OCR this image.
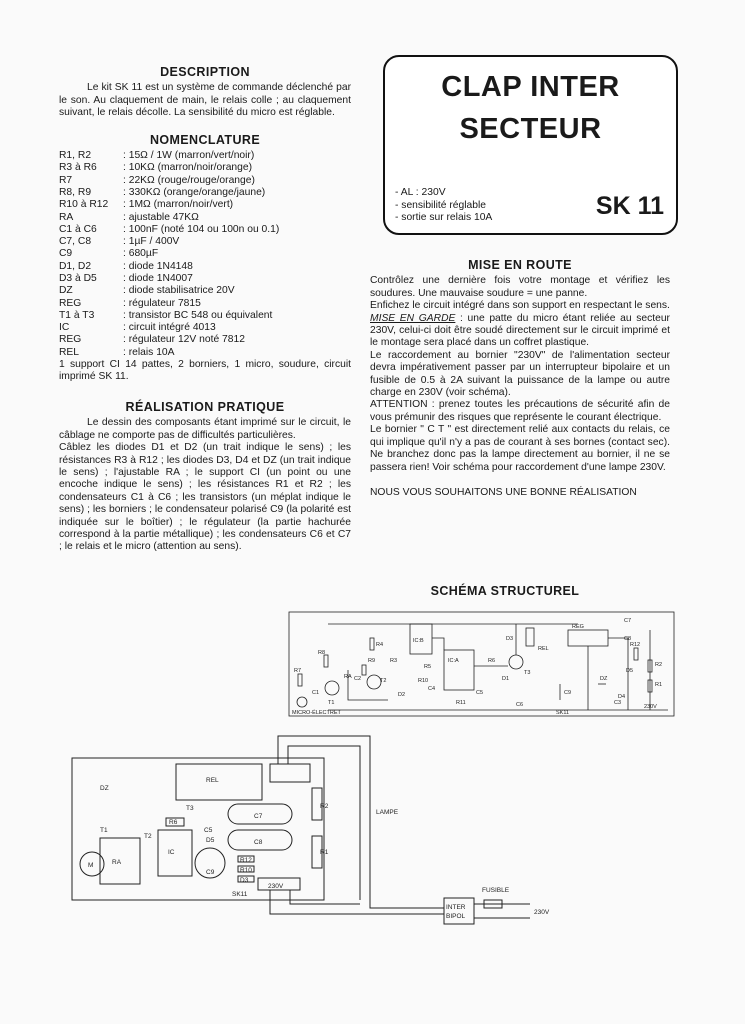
DESCRIPTION
Le kit SK 11 est un système de commande déclenché par le son. Au claquement de main, le relais colle ; au claquement suivant, le relais décolle. La sensibilité du micro est réglable.
NOMENCLATURE
R1, R2	: 15Ω / 1W (marron/vert/noir)
R3 à R6	: 10KΩ (marron/noir/orange)
R7	: 22KΩ (rouge/rouge/orange)
R8, R9	: 330KΩ (orange/orange/jaune)
R10 à R12	: 1MΩ (marron/noir/vert)
RA	: ajustable 47KΩ
C1 à C6	: 100nF (noté 104 ou 100n ou 0.1)
C7, C8	: 1µF / 400V
C9	: 680µF
D1, D2	: diode 1N4148
D3 à D5	: diode 1N4007
DZ	: diode stabilisatrice 20V
REG	: régulateur 7815
T1 à T3	: transistor BC 548 ou équivalent
IC	: circuit intégré 4013
REG	: régulateur 12V noté 7812
REL	: relais 10A
1 support CI 14 pattes, 2 borniers, 1 micro, soudure, circuit imprimé SK 11.
RÉALISATION PRATIQUE
Le dessin des composants étant imprimé sur le circuit, le câblage ne comporte pas de difficultés particulières.
Câblez les diodes D1 et D2 (un trait indique le sens) ; les résistances R3 à R12 ; les diodes D3, D4 et DZ (un trait indique le sens) ; l'ajustable RA ; le support CI (un point ou une encoche indique le sens) ; les résistances R1 et R2 ; les condensateurs C1 à C6 ; les transistors (un méplat indique le sens) ; les borniers ; le condensateur polarisé C9 (la polarité est indiquée sur le boîtier) ; le régulateur (la partie hachurée correspond à la partie métallique) ; les condensateurs C6 et C7 ; le relais et le micro (attention au sens).
CLAP INTER
SECTEUR
- AL : 230V
- sensibilité réglable
- sortie sur relais 10A	SK 11
MISE EN ROUTE
Contrôlez une dernière fois votre montage et vérifiez les soudures. Une mauvaise soudure = une panne.
Enfichez le circuit intégré dans son support en respectant le sens.
MISE EN GARDE : une patte du micro étant reliée au secteur 230V, celui-ci doit être soudé directement sur le circuit imprimé et le montage sera placé dans un coffret plastique.
Le raccordement au bornier "230V" de l'alimentation secteur devra impérativement passer par un interrupteur bipolaire et un fusible de 0.5 à 2A suivant la puissance de la lampe ou autre charge en 230V (voir schéma).
ATTENTION : prenez toutes les précautions de sécurité afin de vous prémunir des risques que représente le courant électrique.
Le bornier " C T " est directement relié aux contacts du relais, ce qui implique qu'il n'y a pas de courant à ses bornes (contact sec). Ne branchez donc pas la lampe directement au bornier, il ne se passera rien! Voir schéma pour raccordement d'une lampe 230V.
NOUS VOUS SOUHAITONS UNE BONNE RÉALISATION
SCHÉMA STRUCTUREL
R7
C1
MICRO-ÉLECTRET
R8
T1
RA C2
R9
T2
R4
R3
D2
IC:B
R5
R10
C4
IC:A
R11
C5
R6
D1
D3
T3
REL
C6
C9
REG
DZ
D4
C3
C7
C8
R12
D5
R2
R1
230V
SK11
REL
R2
C7
C8
R1
RA
IC
C9
R6
R12
R10
D3
T3
T2
T1
M
DZ
C5
D5
SK11
230V
LAMPE
FUSIBLE
INTER
BIPOL
230V
